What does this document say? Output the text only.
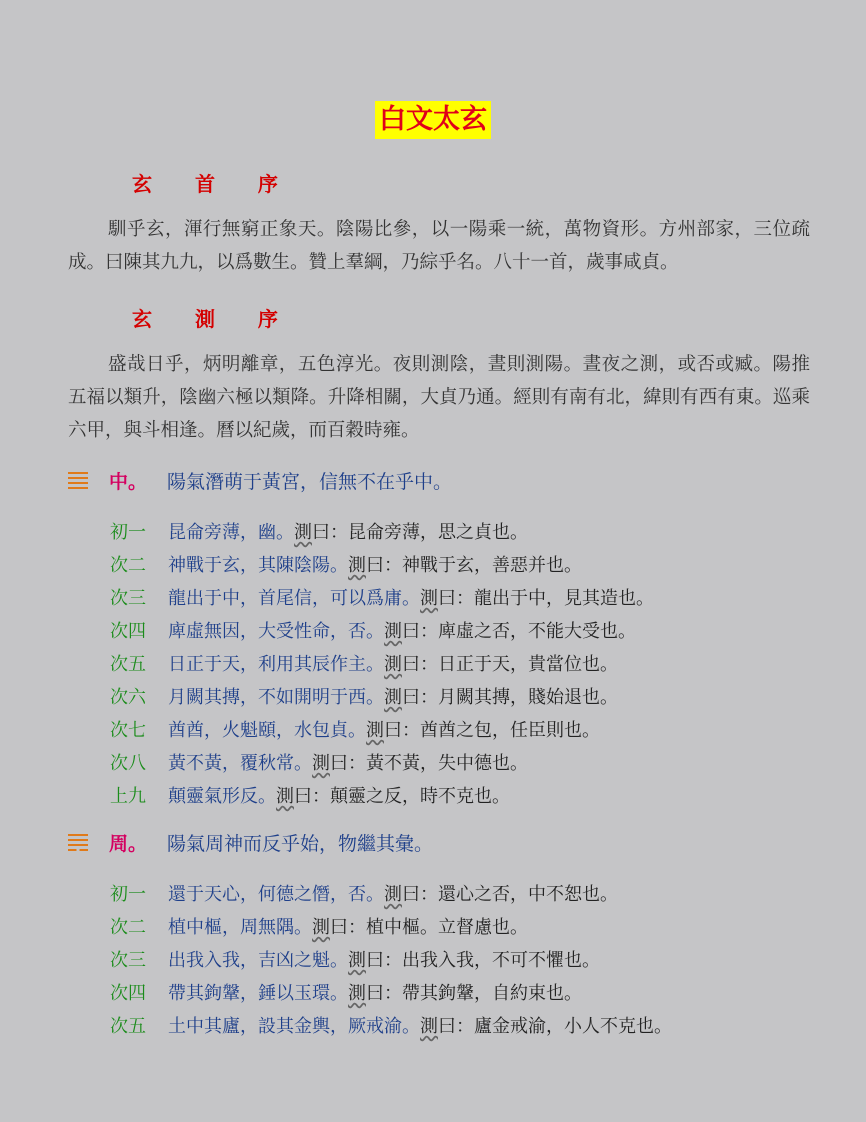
白文太玄
玄 首 序
馴乎玄，渾行無窮正象天。陰陽比參，以一陽乘一統，萬物資形。方州部家，三位疏成。曰陳其九九，以爲數生。贊上羣綱，乃綜乎名。八十一首，歲事咸貞。
玄 測 序
盛哉日乎，炳明離章，五色淳光。夜則測陰，晝則測陽。晝夜之測，或否或臧。陽推五福以類升，陰幽六極以類降。升降相關，大貞乃通。經則有南有北，緯則有西有東。巡乘六甲，與斗相逢。曆以紀歲，而百穀時雍。
中。 陽氣潛萌于黃宮，信無不在乎中。
初一 昆侖旁薄，幽。測曰：昆侖旁薄，思之貞也。
次二 神戰于玄，其陳陰陽。測曰：神戰于玄，善惡并也。
次三 龍出于中，首尾信，可以爲庸。測曰：龍出于中，見其造也。
次四 庳虛無因，大受性命，否。測曰：庳虛之否，不能大受也。
次五 日正于天，利用其辰作主。測曰：日正于天，貴當位也。
次六 月闕其摶，不如開明于西。測曰：月闕其摶，賤始退也。
次七 酋酋，火魁頤，水包貞。測曰：酋酋之包，任臣則也。
次八 黃不黃，覆秋常。測曰：黃不黃，失中德也。
上九 顛靈氣形反。測曰：顛靈之反，時不克也。
周。 陽氣周神而反乎始，物繼其彙。
初一 還于天心，何德之僭，否。測曰：還心之否，中不恕也。
次二 植中樞，周無隅。測曰：植中樞。立督慮也。
次三 出我入我，吉凶之魁。測曰：出我入我，不可不懼也。
次四 帶其鉤鞶，錘以玉環。測曰：帶其鉤鞶，自約束也。
次五 土中其廬，設其金輿，厥戒渝。測曰：廬金戒渝，小人不克也。
